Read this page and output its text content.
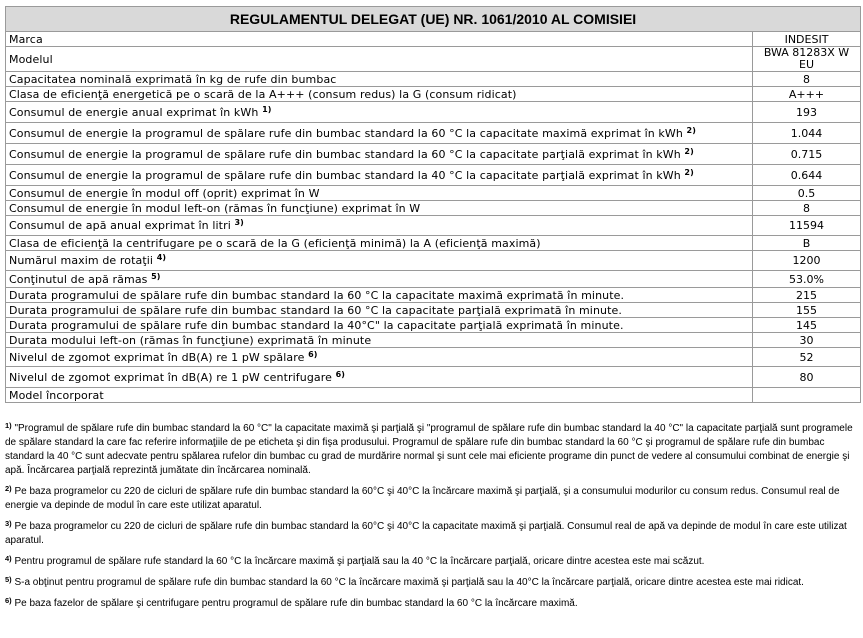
REGULAMENTUL DELEGAT (UE) NR. 1061/2010 AL COMISIEI	
Marca	INDESIT
Modelul	BWA 81283X W EU
Capacitatea nominală exprimată în kg de rufe din bumbac	8
Clasa de eficienţă energetică pe o scară de la A+++ (consum redus) la G (consum ridicat)	A+++
Consumul de energie anual exprimat în kWh $^{1)}$	193
Consumul de energie la programul de spălare rufe din bumbac standard la 60 °C la capacitate maximă exprimat în kWh $^{2)}$	1.044
Consumul de energie la programul de spălare rufe din bumbac standard la 60 °C la capacitate parţială exprimat în kWh $^{2)}$	0.715
Consumul de energie la programul de spălare rufe din bumbac standard la 40 °C la capacitate parţială exprimat în kWh $^{2)}$	0.644
Consumul de energie în modul off (oprit) exprimat în W	0.5
Consumul de energie în modul left-on (rămas în funcţiune) exprimat în W	8
Consumul de apă anual exprimat în litri $^{3)}$	11594
Clasa de eficienţă la centrifugare pe o scară de la G (eficienţă minimă) la A (eficienţă maximă)	B
Numărul maxim de rotaţii $^{4)}$	1200
Conţinutul de apă rămas $^{5)}$	53.0%
Durata programului de spălare rufe din bumbac standard la 60 °C la capacitate maximă exprimată în minute.	215
Durata programului de spălare rufe din bumbac standard la 60 °C la capacitate parţială exprimată în minute.	155
Durata programului de spălare rufe din bumbac standard la 40°C" la capacitate parţială exprimată în minute.	145
Durata modului left-on (rămas în funcţiune) exprimată în minute	30
Nivelul de zgomot exprimat în dB(A) re 1 pW spălare $^{6)}$	52
Nivelul de zgomot exprimat în dB(A) re 1 pW centrifugare $^{6)}$	80
Model încorporat	
$^{1)}$ "Programul de spălare rufe din bumbac standard la 60 °C" la capacitate maximă şi parţială şi "programul de spălare rufe din bumbac standard la 40 °C" la capacitate parţială sunt programele de spălare standard la care fac referire informaţiile de pe eticheta şi din fişa produsului. Programul de spălare rufe din bumbac standard la 60 °C şi programul de spălare rufe din bumbac standard la 40 °C sunt adecvate pentru spălarea rufelor din bumbac cu grad de murdărire normal şi sunt cele mai eficiente programe din punct de vedere al consumului combinat de energie şi apă. Încărcarea parţială reprezintă jumătate din încărcarea nominală.
$^{2)}$ Pe baza programelor cu 220 de cicluri de spălare rufe din bumbac standard la 60°C şi 40°C la încărcare maximă şi parţială, şi a consumului modurilor cu consum redus. Consumul real de energie va depinde de modul în care este utilizat aparatul.
$^{3)}$ Pe baza programelor cu 220 de cicluri de spălare rufe din bumbac standard la 60°C şi 40°C la capacitate maximă şi parţială. Consumul real de apă va depinde de modul în care este utilizat aparatul.
$^{4)}$ Pentru programul de spălare rufe standard la 60 °C la încărcare maximă şi parţială sau la 40 °C la încărcare parţială, oricare dintre acestea este mai scăzut.
$^{5)}$ S-a obţinut pentru programul de spălare rufe din bumbac standard la 60 °C la încărcare maximă şi parţială sau la 40°C la încărcare parţială, oricare dintre acestea este mai ridicat.
$^{6)}$ Pe baza fazelor de spălare şi centrifugare pentru programul de spălare rufe din bumbac standard la 60 °C la încărcare maximă.
